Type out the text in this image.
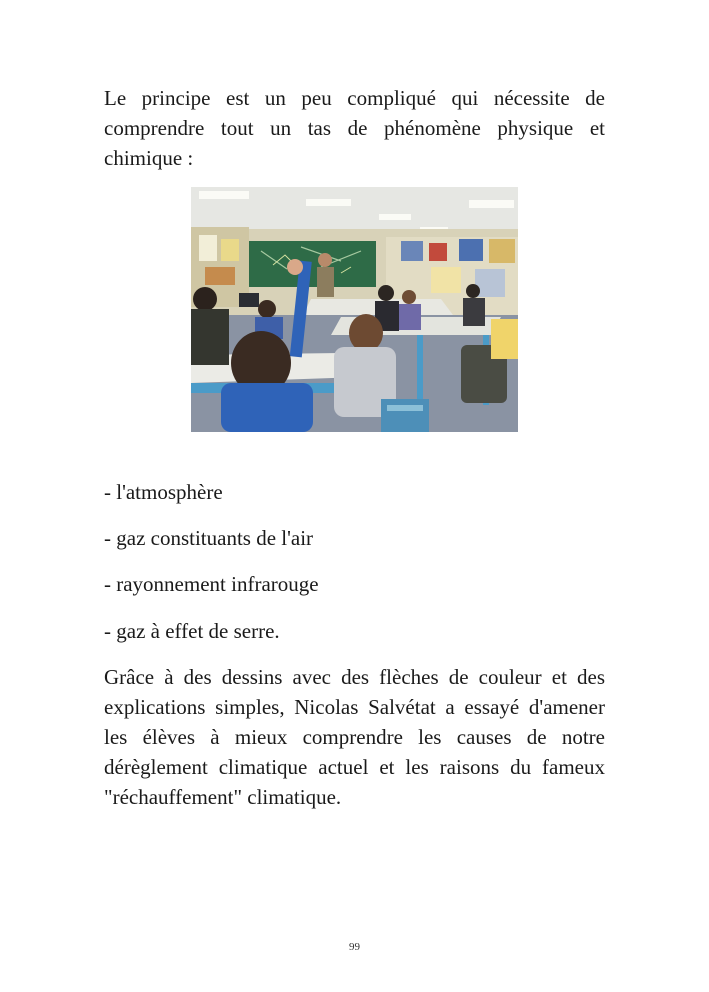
Le principe est un peu compliqué qui nécessite de comprendre tout un tas de phénomène physique et chimique :

- l'atmosphère

- gaz constituants de l'air

- rayonnement infrarouge

- gaz à effet de serre.

Grâce à des dessins avec des flèches de couleur et des explications simples, Nicolas Salvétat a essayé d'amener les élèves à mieux comprendre les causes de notre dérèglement climatique actuel et les raisons du fameux "réchauffement" climatique.

99
